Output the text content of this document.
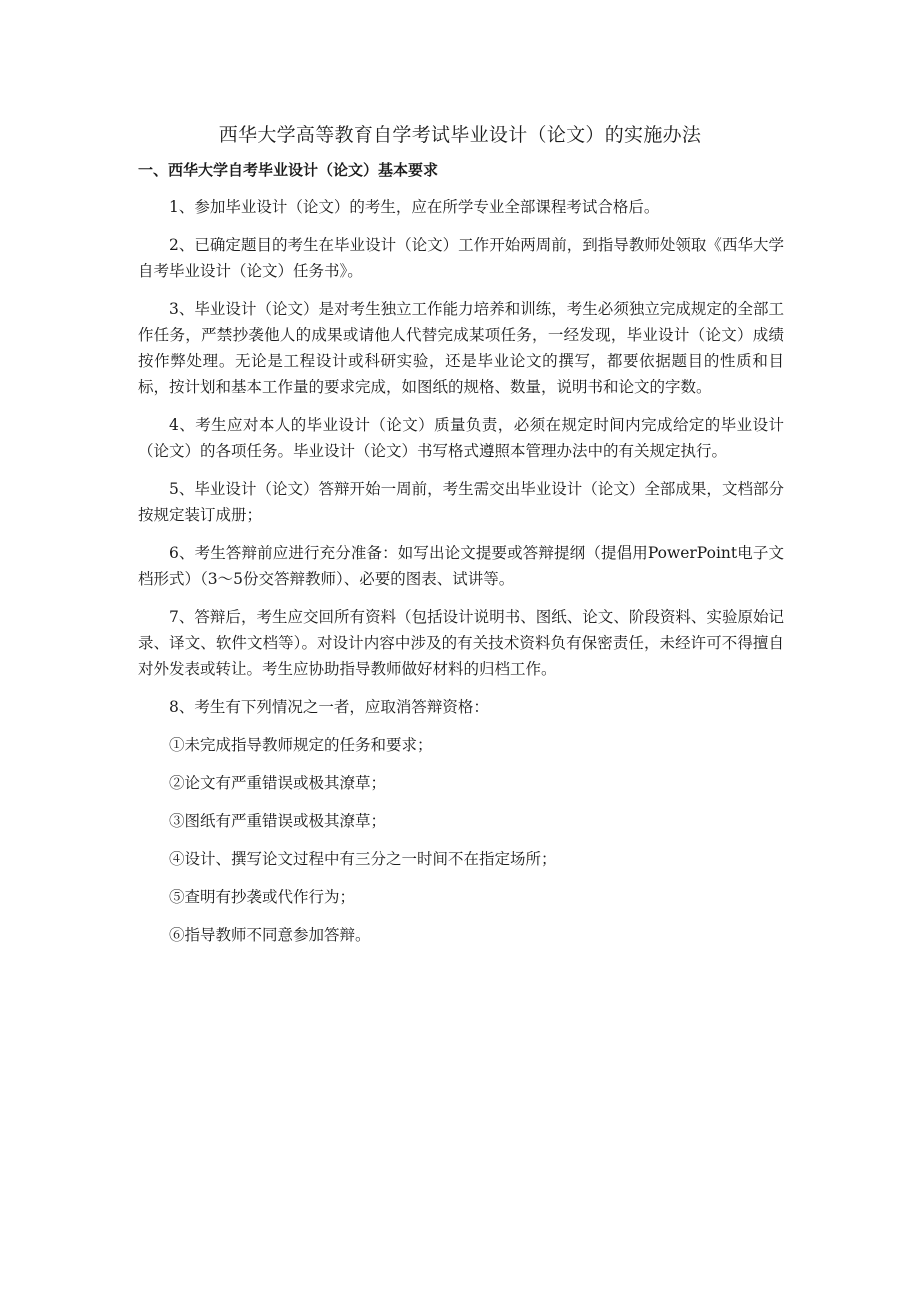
西华大学高等教育自学考试毕业设计（论文）的实施办法
一、西华大学自考毕业设计（论文）基本要求

1、参加毕业设计（论文）的考生，应在所学专业全部课程考试合格后。

2、已确定题目的考生在毕业设计（论文）工作开始两周前，到指导教师处领取《西华大学自考毕业设计（论文）任务书》。

3、毕业设计（论文）是对考生独立工作能力培养和训练，考生必须独立完成规定的全部工作任务，严禁抄袭他人的成果或请他人代替完成某项任务，一经发现，毕业设计（论文）成绩按作弊处理。无论是工程设计或科研实验，还是毕业论文的撰写，都要依据题目的性质和目标，按计划和基本工作量的要求完成，如图纸的规格、数量，说明书和论文的字数。

4、考生应对本人的毕业设计（论文）质量负责，必须在规定时间内完成给定的毕业设计（论文）的各项任务。毕业设计（论文）书写格式遵照本管理办法中的有关规定执行。

5、毕业设计（论文）答辩开始一周前，考生需交出毕业设计（论文）全部成果，文档部分按规定装订成册；

6、考生答辩前应进行充分准备：如写出论文提要或答辩提纲（提倡用PowerPoint电子文档形式）（3～5份交答辩教师）、必要的图表、试讲等。

7、答辩后，考生应交回所有资料（包括设计说明书、图纸、论文、阶段资料、实验原始记录、译文、软件文档等）。对设计内容中涉及的有关技术资料负有保密责任，未经许可不得擅自对外发表或转让。考生应协助指导教师做好材料的归档工作。

8、考生有下列情况之一者，应取消答辩资格：

①未完成指导教师规定的任务和要求；

②论文有严重错误或极其潦草；

③图纸有严重错误或极其潦草；

④设计、撰写论文过程中有三分之一时间不在指定场所；

⑤查明有抄袭或代作行为；

⑥指导教师不同意参加答辩。
